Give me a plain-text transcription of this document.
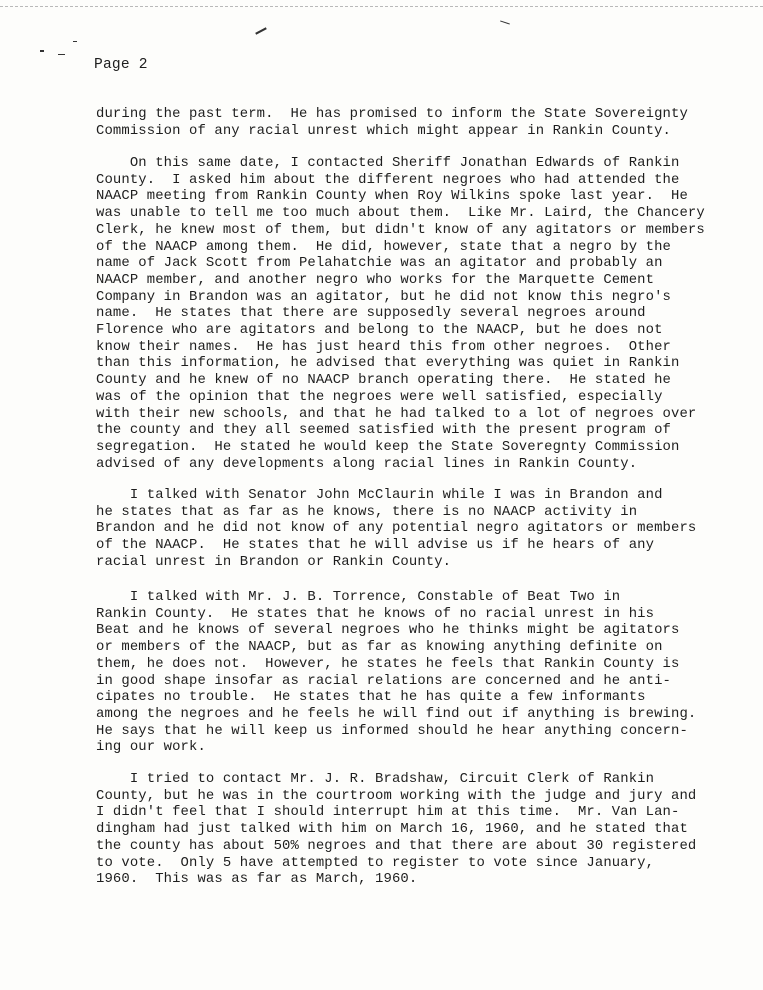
Page 2
during the past term.  He has promised to inform the State Sovereignty
Commission of any racial unrest which might appear in Rankin County.
On this same date, I contacted Sheriff Jonathan Edwards of Rankin
County.  I asked him about the different negroes who had attended the
NAACP meeting from Rankin County when Roy Wilkins spoke last year.  He
was unable to tell me too much about them.  Like Mr. Laird, the Chancery
Clerk, he knew most of them, but didn't know of any agitators or members
of the NAACP among them.  He did, however, state that a negro by the
name of Jack Scott from Pelahatchie was an agitator and probably an
NAACP member, and another negro who works for the Marquette Cement
Company in Brandon was an agitator, but he did not know this negro's
name.  He states that there are supposedly several negroes around
Florence who are agitators and belong to the NAACP, but he does not
know their names.  He has just heard this from other negroes.  Other
than this information, he advised that everything was quiet in Rankin
County and he knew of no NAACP branch operating there.  He stated he
was of the opinion that the negroes were well satisfied, especially
with their new schools, and that he had talked to a lot of negroes over
the county and they all seemed satisfied with the present program of
segregation.  He stated he would keep the State Soveregnty Commission
advised of any developments along racial lines in Rankin County.
I talked with Senator John McClaurin while I was in Brandon and
he states that as far as he knows, there is no NAACP activity in
Brandon and he did not know of any potential negro agitators or members
of the NAACP.  He states that he will advise us if he hears of any
racial unrest in Brandon or Rankin County.
I talked with Mr. J. B. Torrence, Constable of Beat Two in
Rankin County.  He states that he knows of no racial unrest in his
Beat and he knows of several negroes who he thinks might be agitators
or members of the NAACP, but as far as knowing anything definite on
them, he does not.  However, he states he feels that Rankin County is
in good shape insofar as racial relations are concerned and he anti-
cipates no trouble.  He states that he has quite a few informants
among the negroes and he feels he will find out if anything is brewing.
He says that he will keep us informed should he hear anything concern-
ing our work.
I tried to contact Mr. J. R. Bradshaw, Circuit Clerk of Rankin
County, but he was in the courtroom working with the judge and jury and
I didn't feel that I should interrupt him at this time.  Mr. Van Lan-
dingham had just talked with him on March 16, 1960, and he stated that
the county has about 50% negroes and that there are about 30 registered
to vote.  Only 5 have attempted to register to vote since January,
1960.  This was as far as March, 1960.
